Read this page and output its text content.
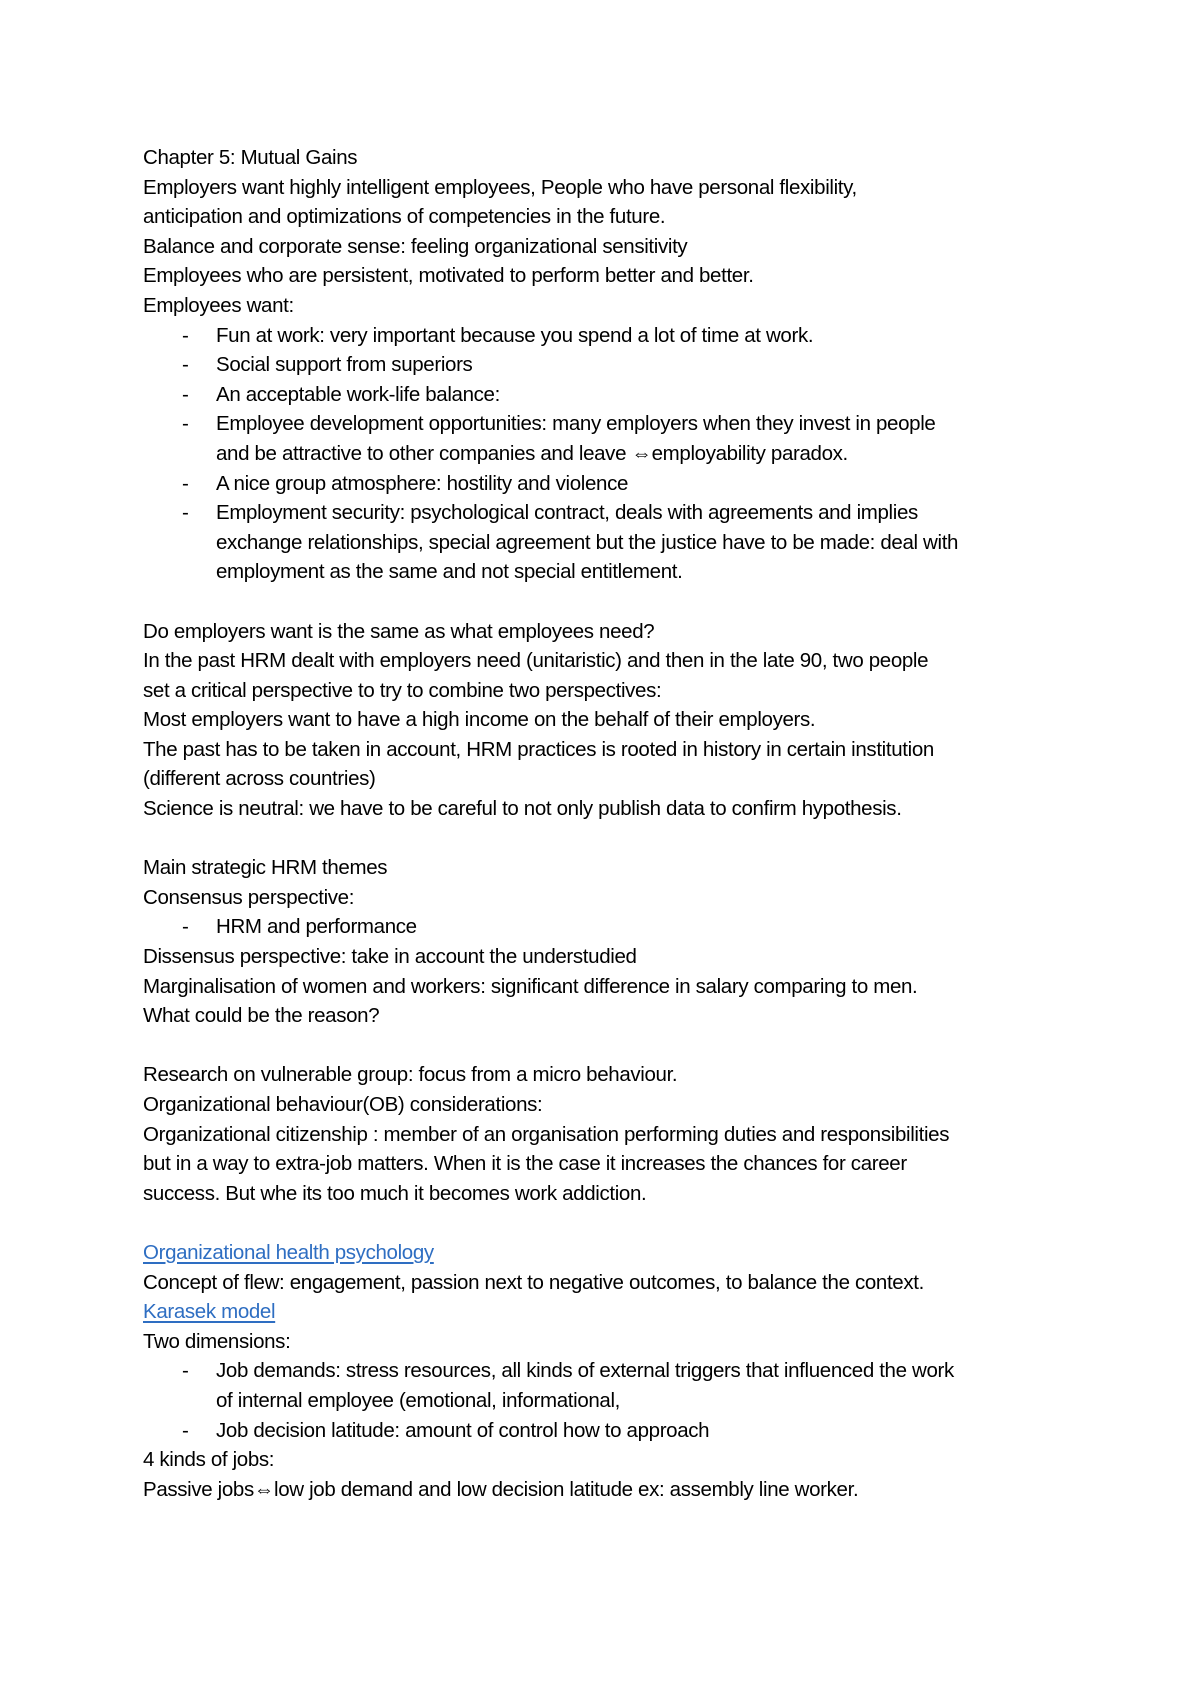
Chapter 5: Mutual Gains
Employers want highly intelligent employees, People who have personal flexibility,
anticipation and optimizations of competencies in the future.
Balance and corporate sense: feeling organizational sensitivity
Employees who are persistent, motivated to perform better and better.
Employees want:
- Fun at work: very important because you spend a lot of time at work.
- Social support from superiors
- An acceptable work-life balance:
- Employee development opportunities: many employers when they invest in people
and be attractive to other companies and leave ⇔employability paradox.
- A nice group atmosphere: hostility and violence
- Employment security: psychological contract, deals with agreements and implies
exchange relationships, special agreement but the justice have to be made: deal with
employment as the same and not special entitlement.
Do employers want is the same as what employees need?
In the past HRM dealt with employers need (unitaristic) and then in the late 90, two people
set a critical perspective to try to combine two perspectives:
Most employers want to have a high income on the behalf of their employers.
The past has to be taken in account, HRM practices is rooted in history in certain institution
(different across countries)
Science is neutral: we have to be careful to not only publish data to confirm hypothesis.
Main strategic HRM themes
Consensus perspective:
- HRM and performance
Dissensus perspective: take in account the understudied
Marginalisation of women and workers: significant difference in salary comparing to men.
What could be the reason?
Research on vulnerable group: focus from a micro behaviour.
Organizational behaviour(OB) considerations:
Organizational citizenship : member of an organisation performing duties and responsibilities
but in a way to extra-job matters. When it is the case it increases the chances for career
success. But whe its too much it becomes work addiction.
Organizational health psychology
Concept of flew: engagement, passion next to negative outcomes, to balance the context.
Karasek model
Two dimensions:
- Job demands: stress resources, all kinds of external triggers that influenced the work
of internal employee (emotional, informational,
- Job decision latitude: amount of control how to approach
4 kinds of jobs:
Passive jobs⇔low job demand and low decision latitude ex: assembly line worker.
